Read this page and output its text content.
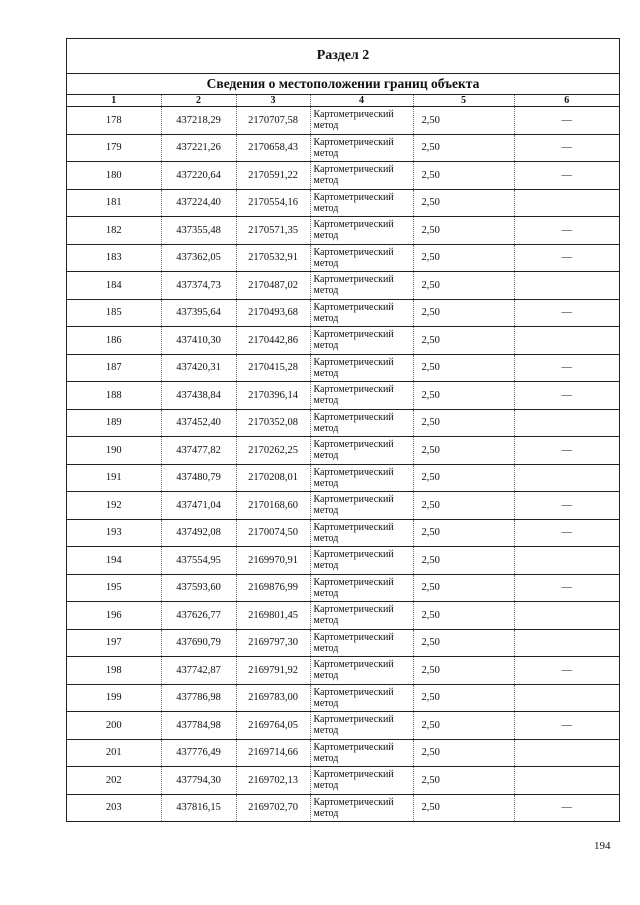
Раздел 2
Сведения о местоположении границ объекта
1	2	3	4	5	6
178	437218,29	2170707,58	Картометрический метод	2,50	—
179	437221,26	2170658,43	Картометрический метод	2,50	—
180	437220,64	2170591,22	Картометрический метод	2,50	—
181	437224,40	2170554,16	Картометрический метод	2,50	
182	437355,48	2170571,35	Картометрический метод	2,50	—
183	437362,05	2170532,91	Картометрический метод	2,50	—
184	437374,73	2170487,02	Картометрический метод	2,50	
185	437395,64	2170493,68	Картометрический метод	2,50	—
186	437410,30	2170442,86	Картометрический метод	2,50	
187	437420,31	2170415,28	Картометрический метод	2,50	—
188	437438,84	2170396,14	Картометрический метод	2,50	—
189	437452,40	2170352,08	Картометрический метод	2,50	
190	437477,82	2170262,25	Картометрический метод	2,50	—
191	437480,79	2170208,01	Картометрический метод	2,50	
192	437471,04	2170168,60	Картометрический метод	2,50	—
193	437492,08	2170074,50	Картометрический метод	2,50	—
194	437554,95	2169970,91	Картометрический метод	2,50	
195	437593,60	2169876,99	Картометрический метод	2,50	—
196	437626,77	2169801,45	Картометрический метод	2,50	
197	437690,79	2169797,30	Картометрический метод	2,50	
198	437742,87	2169791,92	Картометрический метод	2,50	—
199	437786,98	2169783,00	Картометрический метод	2,50	
200	437784,98	2169764,05	Картометрический метод	2,50	—
201	437776,49	2169714,66	Картометрический метод	2,50	
202	437794,30	2169702,13	Картометрический метод	2,50	
203	437816,15	2169702,70	Картометрический метод	2,50	—
194
